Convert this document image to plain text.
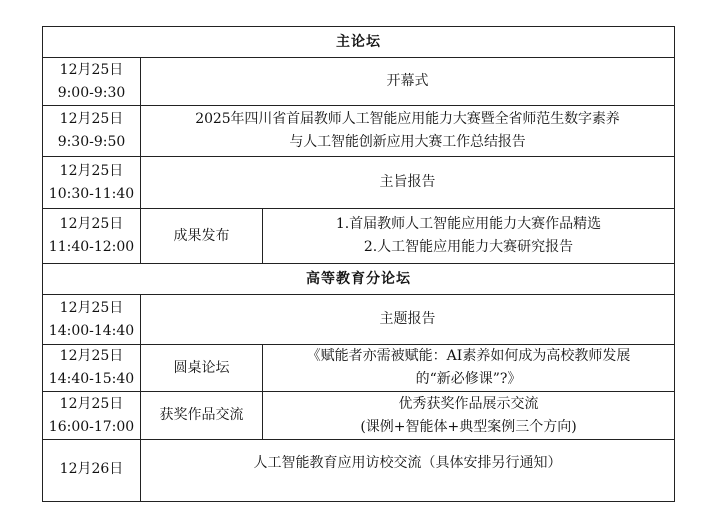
主论坛		

12月25日
9:00-9:30	开幕式	

12月25日
9:30-9:50	2025年四川省首届教师人工智能应用能力大赛暨全省师范生数字素养
与人工智能创新应用大赛工作总结报告	

12月25日
10:30-11:40	主旨报告	

12月25日
11:40-12:00	成果发布	1.首届教师人工智能应用能力大赛作品精选
2.人工智能应用能力大赛研究报告

高等教育分论坛		

12月25日
14:00-14:40	主题报告	

12月25日
14:40-15:40	圆桌论坛	《赋能者亦需被赋能：AI素养如何成为高校教师发展
的“新必修课”?》

12月25日
16:00-17:00	获奖作品交流	优秀获奖作品展示交流
(课例+智能体+典型案例三个方向)

12月26日	人工智能教育应用访校交流（具体安排另行通知）	
